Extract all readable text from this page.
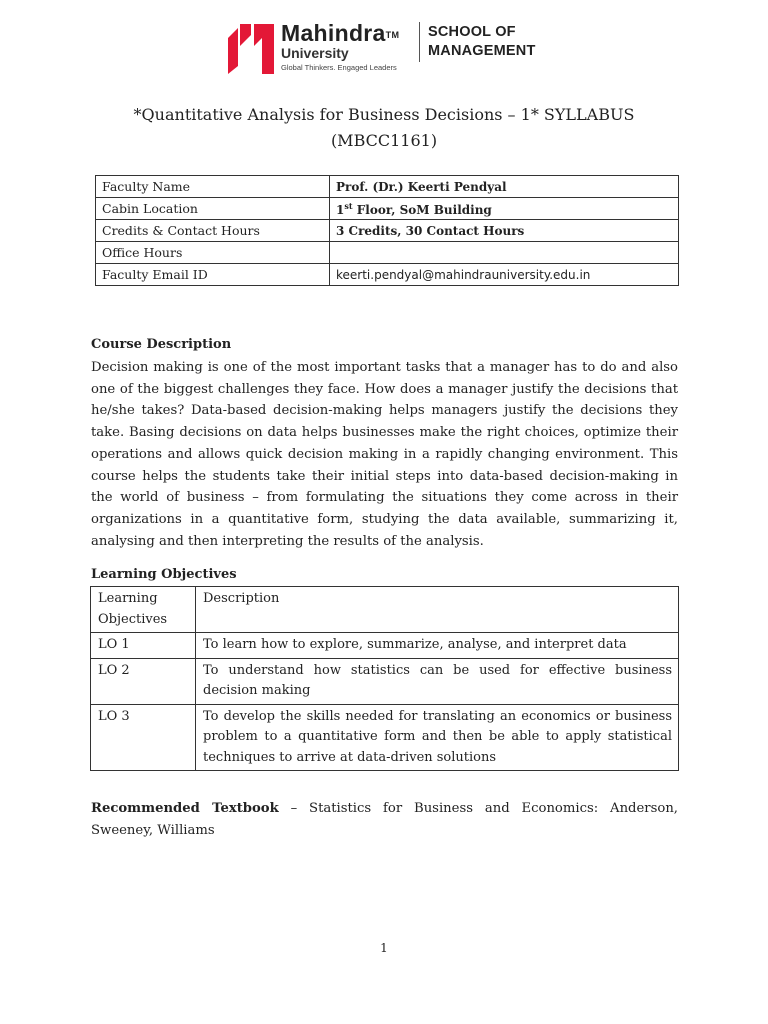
Mahindra™
University
Global Thinkers. Engaged Leaders
SCHOOL OF
MANAGEMENT
*Quantitative Analysis for Business Decisions – 1* SYLLABUS
(MBCC1161)
Faculty Name	Prof. (Dr.) Keerti Pendyal
Cabin Location	1st Floor, SoM Building
Credits & Contact Hours	3 Credits, 30 Contact Hours
Office Hours	
Faculty Email ID	keerti.pendyal@mahindrauniversity.edu.in
Course Description
Decision making is one of the most important tasks that a manager has to do and also one of the biggest challenges they face. How does a manager justify the decisions that he/she takes? Data-based decision-making helps managers justify the decisions they take. Basing decisions on data helps businesses make the right choices, optimize their operations and allows quick decision making in a rapidly changing environment. This course helps the students take their initial steps into data-based decision-making in the world of business – from formulating the situations they come across in their organizations in a quantitative form, studying the data available, summarizing it, analysing and then interpreting the results of the analysis.
Learning Objectives
Learning Objectives	Description
LO 1	To learn how to explore, summarize, analyse, and interpret data
LO 2	To understand how statistics can be used for effective business decision making
LO 3	To develop the skills needed for translating an economics or business problem to a quantitative form and then be able to apply statistical techniques to arrive at data-driven solutions
Recommended Textbook – Statistics for Business and Economics: Anderson, Sweeney, Williams
1
